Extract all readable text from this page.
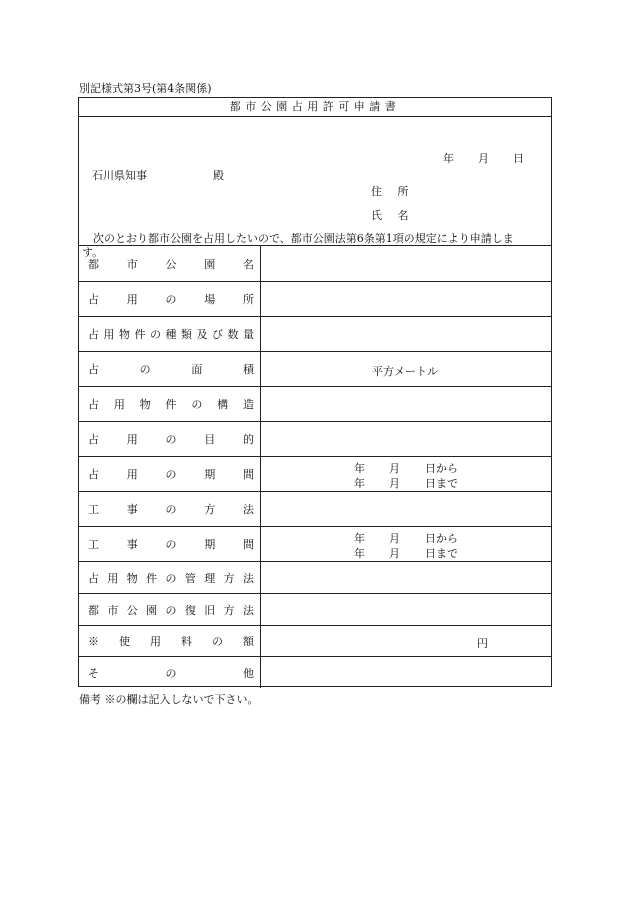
別記様式第3号(第4条関係)
都市公園占用許可申請書
年 月 日
石川県知事	殿
住 所
氏 名
次のとおり都市公園を占用したいので、都市公園法第6条第1項の規定により申請しま
す。
都市公園名
占用の場所
占用物件の種類及び数量
占の面積	平方メートル
占用物件の構造
占用の目的
占用の期間	年 月 日から
年 月 日まで
工事の方法
工事の期間	年 月 日から
年 月 日まで
占用物件の管理方法
都市公園の復旧方法
※使用料の額	円
その他
備考 ※の欄は記入しないで下さい。
